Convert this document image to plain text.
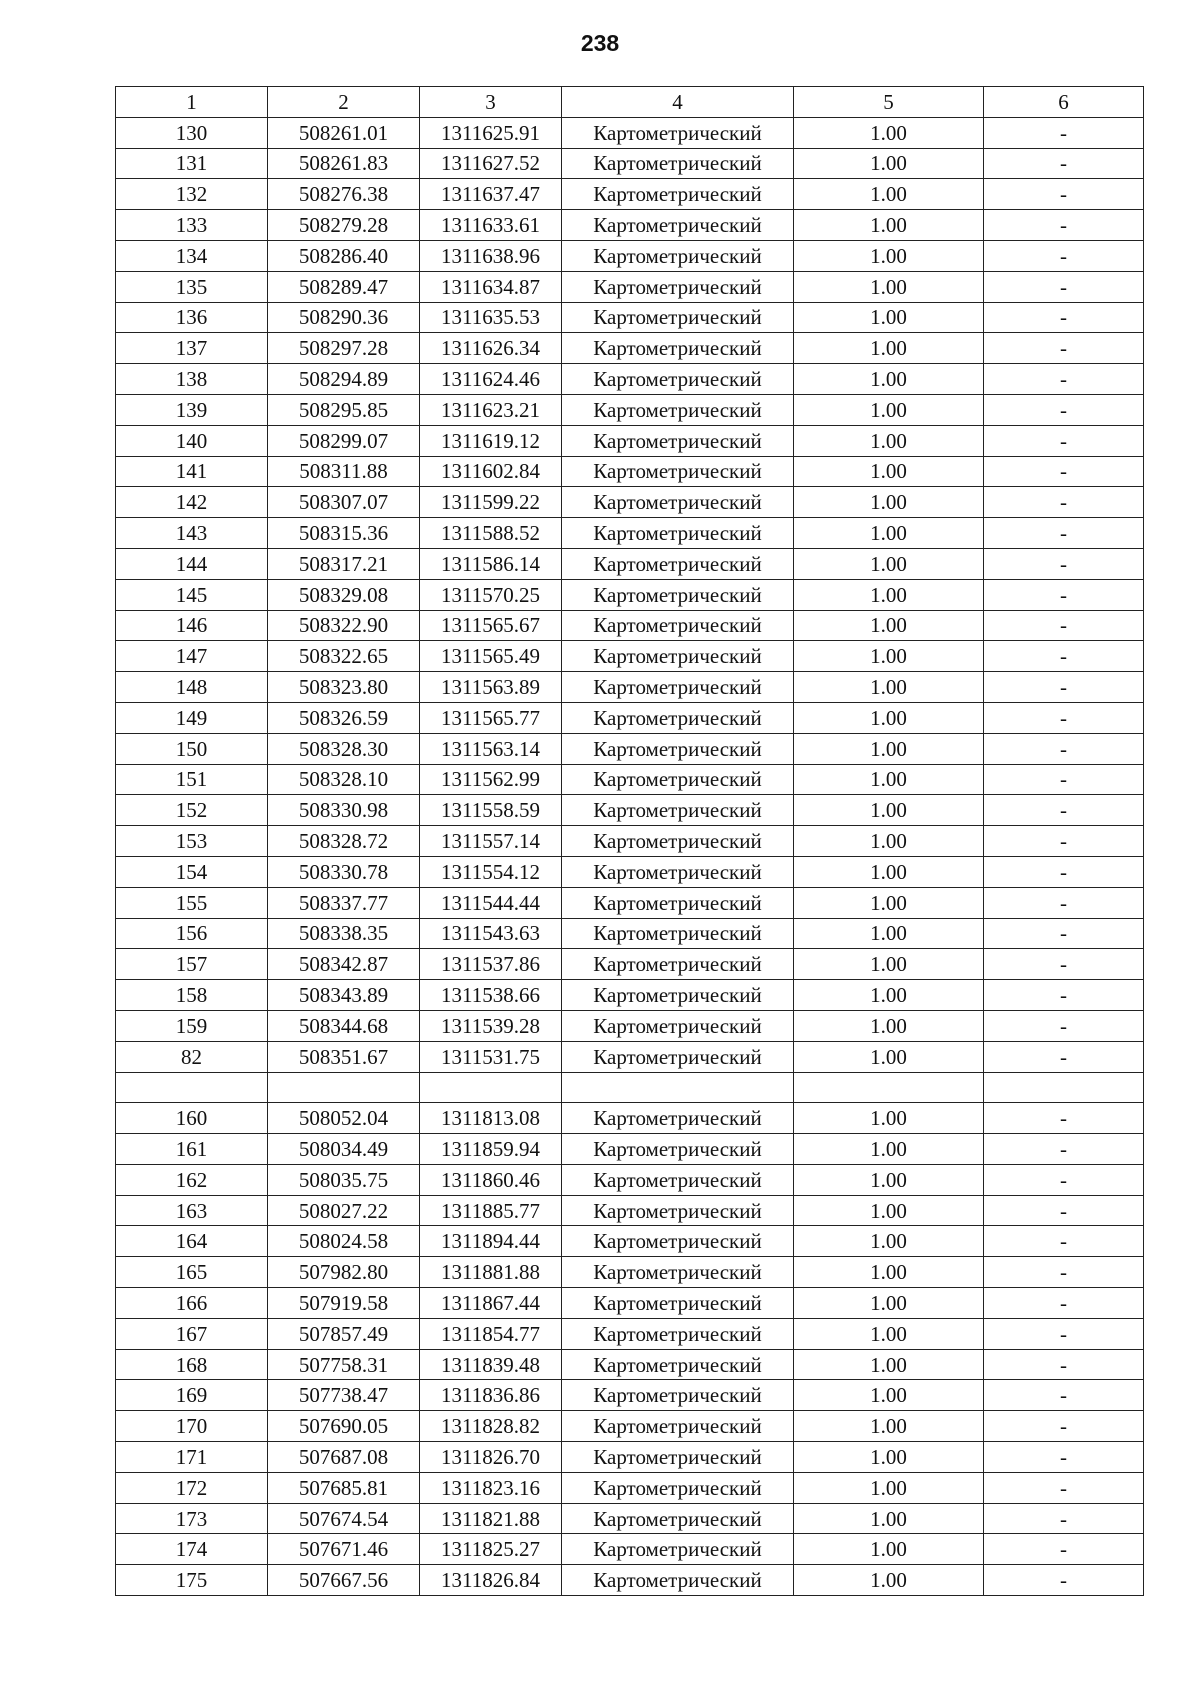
238
1	2	3	4	5	6
130	508261.01	1311625.91	Картометрический	1.00	-
131	508261.83	1311627.52	Картометрический	1.00	-
132	508276.38	1311637.47	Картометрический	1.00	-
133	508279.28	1311633.61	Картометрический	1.00	-
134	508286.40	1311638.96	Картометрический	1.00	-
135	508289.47	1311634.87	Картометрический	1.00	-
136	508290.36	1311635.53	Картометрический	1.00	-
137	508297.28	1311626.34	Картометрический	1.00	-
138	508294.89	1311624.46	Картометрический	1.00	-
139	508295.85	1311623.21	Картометрический	1.00	-
140	508299.07	1311619.12	Картометрический	1.00	-
141	508311.88	1311602.84	Картометрический	1.00	-
142	508307.07	1311599.22	Картометрический	1.00	-
143	508315.36	1311588.52	Картометрический	1.00	-
144	508317.21	1311586.14	Картометрический	1.00	-
145	508329.08	1311570.25	Картометрический	1.00	-
146	508322.90	1311565.67	Картометрический	1.00	-
147	508322.65	1311565.49	Картометрический	1.00	-
148	508323.80	1311563.89	Картометрический	1.00	-
149	508326.59	1311565.77	Картометрический	1.00	-
150	508328.30	1311563.14	Картометрический	1.00	-
151	508328.10	1311562.99	Картометрический	1.00	-
152	508330.98	1311558.59	Картометрический	1.00	-
153	508328.72	1311557.14	Картометрический	1.00	-
154	508330.78	1311554.12	Картометрический	1.00	-
155	508337.77	1311544.44	Картометрический	1.00	-
156	508338.35	1311543.63	Картометрический	1.00	-
157	508342.87	1311537.86	Картометрический	1.00	-
158	508343.89	1311538.66	Картометрический	1.00	-
159	508344.68	1311539.28	Картометрический	1.00	-
82	508351.67	1311531.75	Картометрический	1.00	-

160	508052.04	1311813.08	Картометрический	1.00	-
161	508034.49	1311859.94	Картометрический	1.00	-
162	508035.75	1311860.46	Картометрический	1.00	-
163	508027.22	1311885.77	Картометрический	1.00	-
164	508024.58	1311894.44	Картометрический	1.00	-
165	507982.80	1311881.88	Картометрический	1.00	-
166	507919.58	1311867.44	Картометрический	1.00	-
167	507857.49	1311854.77	Картометрический	1.00	-
168	507758.31	1311839.48	Картометрический	1.00	-
169	507738.47	1311836.86	Картометрический	1.00	-
170	507690.05	1311828.82	Картометрический	1.00	-
171	507687.08	1311826.70	Картометрический	1.00	-
172	507685.81	1311823.16	Картометрический	1.00	-
173	507674.54	1311821.88	Картометрический	1.00	-
174	507671.46	1311825.27	Картометрический	1.00	-
175	507667.56	1311826.84	Картометрический	1.00	-
